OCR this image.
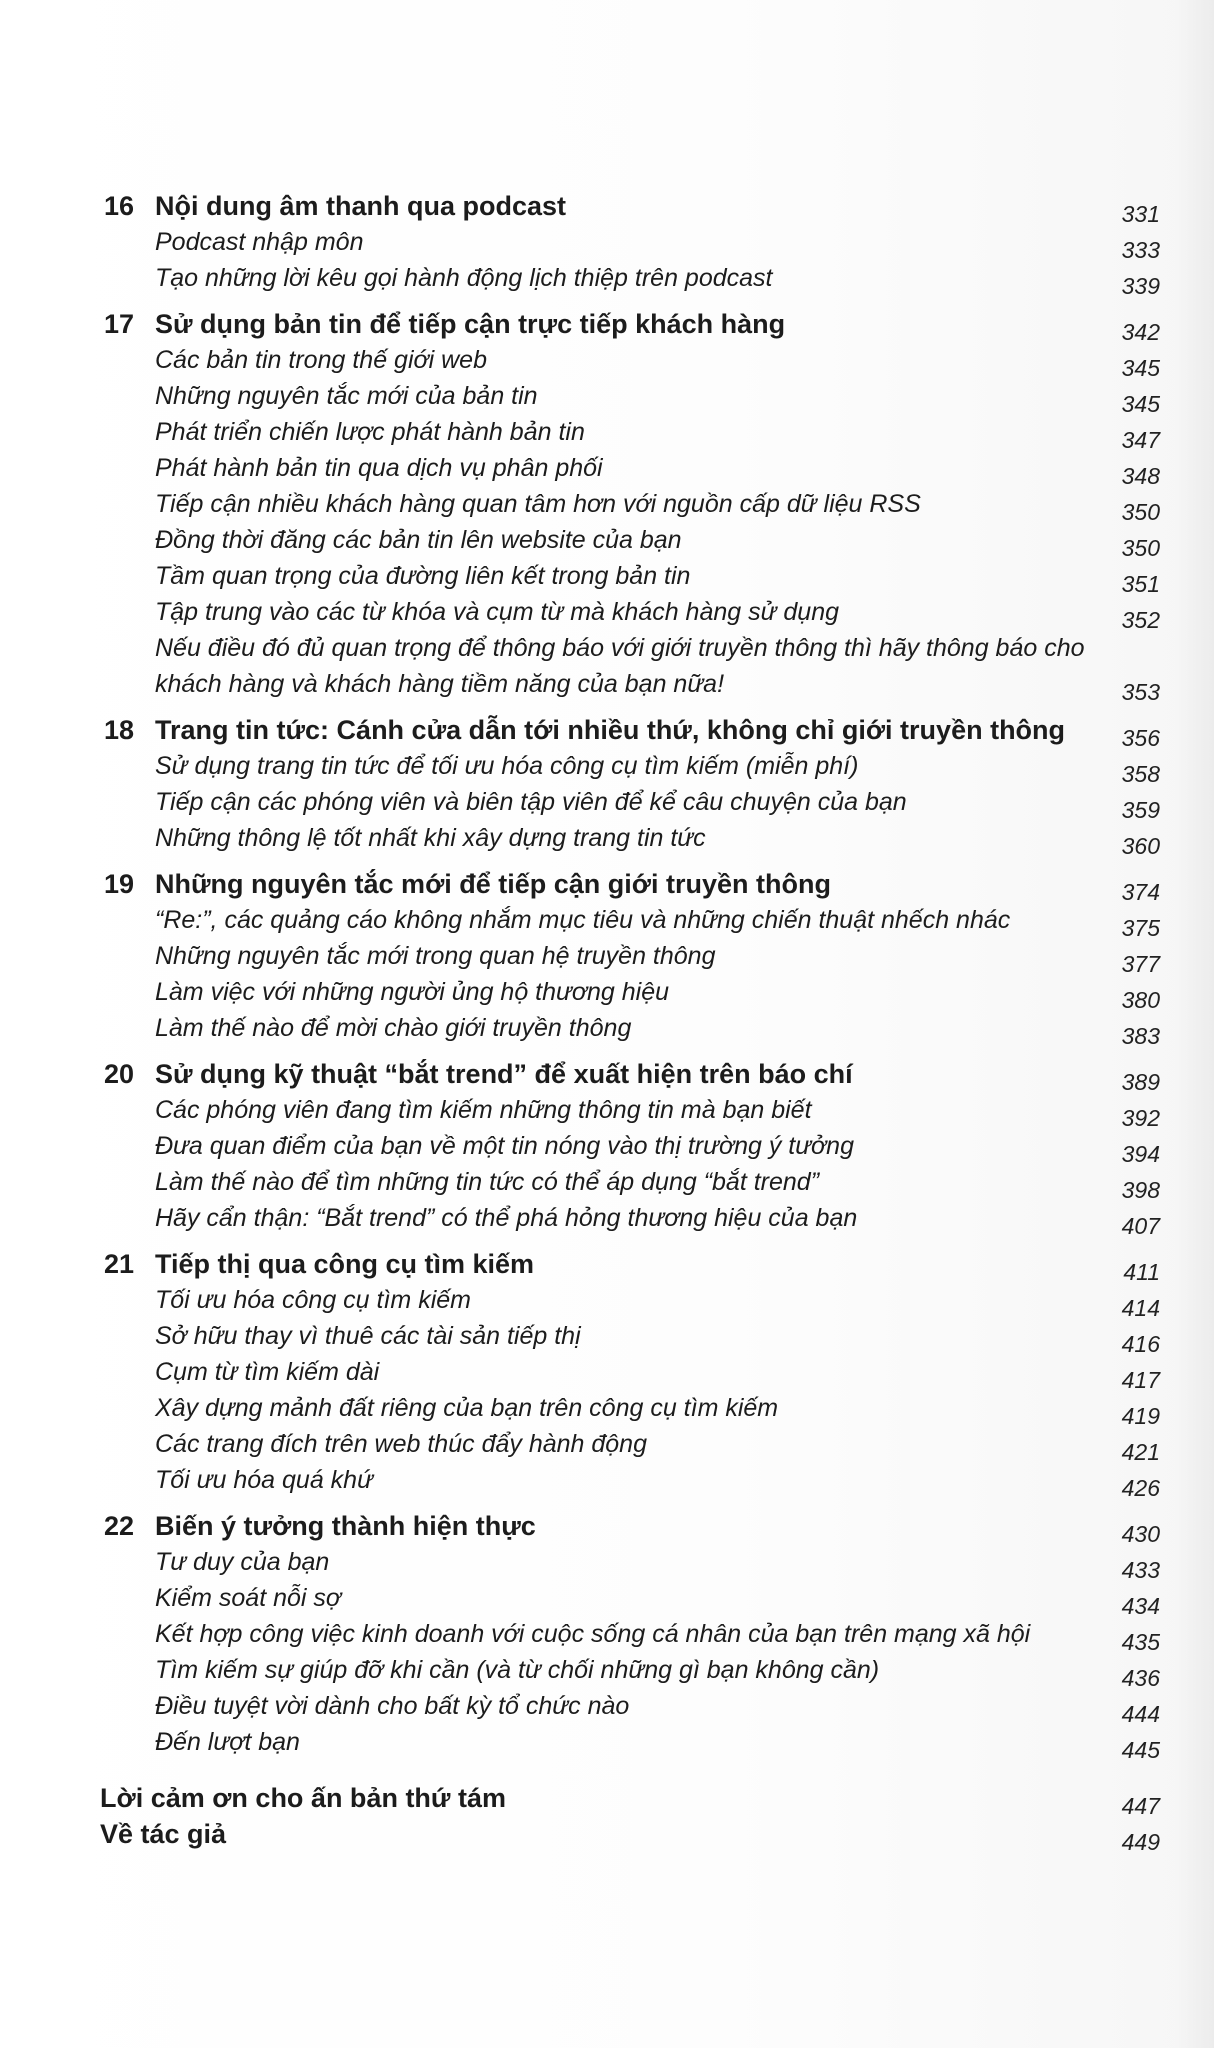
16 Nội dung âm thanh qua podcast	331
Podcast nhập môn	333
Tạo những lời kêu gọi hành động lịch thiệp trên podcast	339
17 Sử dụng bản tin để tiếp cận trực tiếp khách hàng	342
Các bản tin trong thế giới web	345
Những nguyên tắc mới của bản tin	345
Phát triển chiến lược phát hành bản tin	347
Phát hành bản tin qua dịch vụ phân phối	348
Tiếp cận nhiều khách hàng quan tâm hơn với nguồn cấp dữ liệu RSS	350
Đồng thời đăng các bản tin lên website của bạn	350
Tầm quan trọng của đường liên kết trong bản tin	351
Tập trung vào các từ khóa và cụm từ mà khách hàng sử dụng	352
Nếu điều đó đủ quan trọng để thông báo với giới truyền thông thì hãy thông báo cho khách hàng và khách hàng tiềm năng của bạn nữa!	353
18 Trang tin tức: Cánh cửa dẫn tới nhiều thứ, không chỉ giới truyền thông 356
Sử dụng trang tin tức để tối ưu hóa công cụ tìm kiếm (miễn phí)	358
Tiếp cận các phóng viên và biên tập viên để kể câu chuyện của bạn	359
Những thông lệ tốt nhất khi xây dựng trang tin tức	360
19 Những nguyên tắc mới để tiếp cận giới truyền thông	374
“Re:”, các quảng cáo không nhắm mục tiêu và những chiến thuật nhếch nhác	375
Những nguyên tắc mới trong quan hệ truyền thông	377
Làm việc với những người ủng hộ thương hiệu	380
Làm thế nào để mời chào giới truyền thông	383
20 Sử dụng kỹ thuật “bắt trend” để xuất hiện trên báo chí	389
Các phóng viên đang tìm kiếm những thông tin mà bạn biết	392
Đưa quan điểm của bạn về một tin nóng vào thị trường ý tưởng	394
Làm thế nào để tìm những tin tức có thể áp dụng “bắt trend”	398
Hãy cẩn thận: “Bắt trend” có thể phá hỏng thương hiệu của bạn	407
21 Tiếp thị qua công cụ tìm kiếm	411
Tối ưu hóa công cụ tìm kiếm	414
Sở hữu thay vì thuê các tài sản tiếp thị	416
Cụm từ tìm kiếm dài	417
Xây dựng mảnh đất riêng của bạn trên công cụ tìm kiếm	419
Các trang đích trên web thúc đẩy hành động	421
Tối ưu hóa quá khứ	426
22 Biến ý tưởng thành hiện thực	430
Tư duy của bạn	433
Kiểm soát nỗi sợ	434
Kết hợp công việc kinh doanh với cuộc sống cá nhân của bạn trên mạng xã hội	435
Tìm kiếm sự giúp đỡ khi cần (và từ chối những gì bạn không cần)	436
Điều tuyệt vời dành cho bất kỳ tổ chức nào	444
Đến lượt bạn	445
Lời cảm ơn cho ấn bản thứ tám	447
Về tác giả	449
